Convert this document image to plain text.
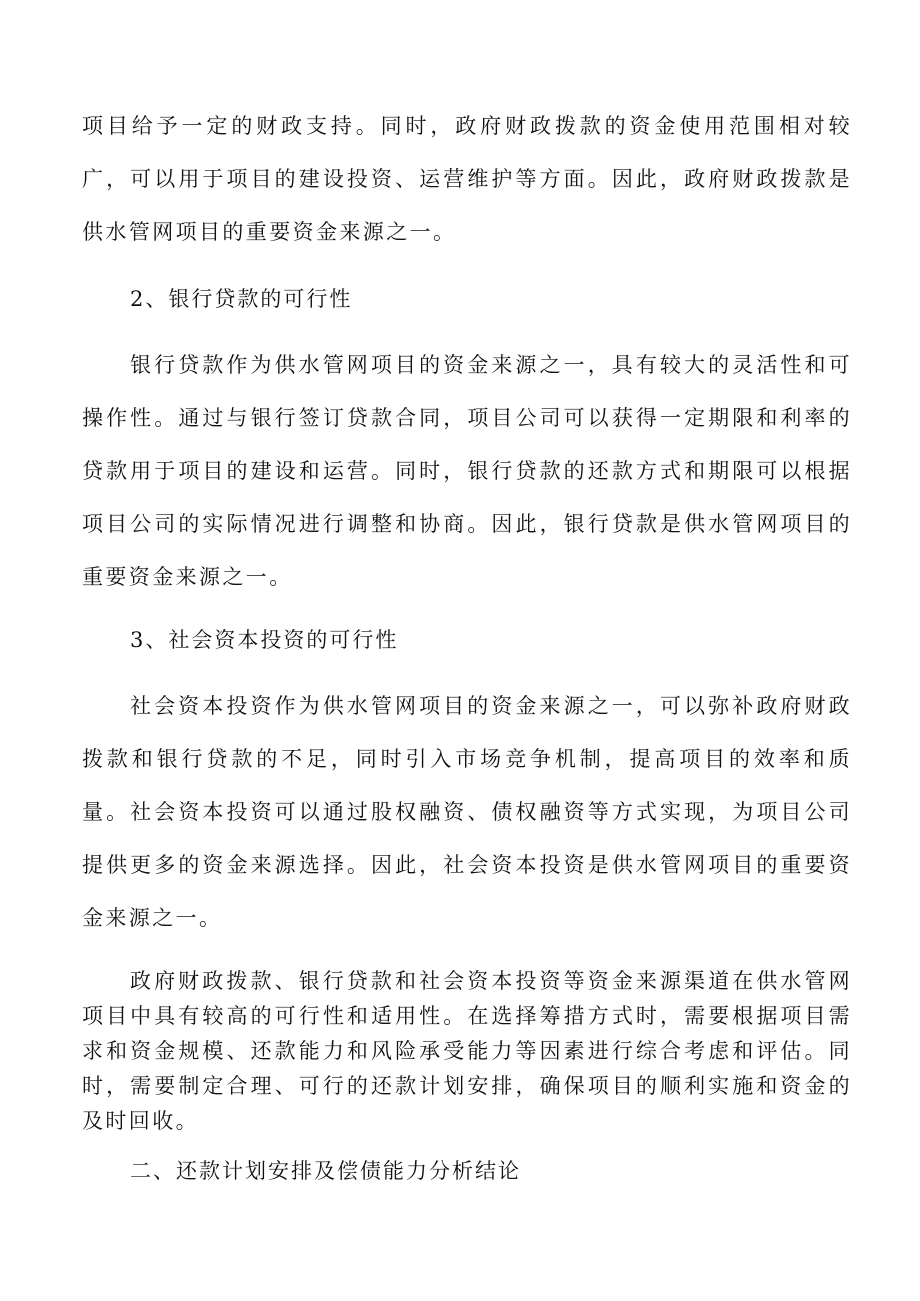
项目给予一定的财政支持。同时，政府财政拨款的资金使用范围相对较广，可以用于项目的建设投资、运营维护等方面。因此，政府财政拨款是供水管网项目的重要资金来源之一。

2、银行贷款的可行性

银行贷款作为供水管网项目的资金来源之一，具有较大的灵活性和可操作性。通过与银行签订贷款合同，项目公司可以获得一定期限和利率的贷款用于项目的建设和运营。同时，银行贷款的还款方式和期限可以根据项目公司的实际情况进行调整和协商。因此，银行贷款是供水管网项目的重要资金来源之一。

3、社会资本投资的可行性

社会资本投资作为供水管网项目的资金来源之一，可以弥补政府财政拨款和银行贷款的不足，同时引入市场竞争机制，提高项目的效率和质量。社会资本投资可以通过股权融资、债权融资等方式实现，为项目公司提供更多的资金来源选择。因此，社会资本投资是供水管网项目的重要资金来源之一。

政府财政拨款、银行贷款和社会资本投资等资金来源渠道在供水管网项目中具有较高的可行性和适用性。在选择筹措方式时，需要根据项目需求和资金规模、还款能力和风险承受能力等因素进行综合考虑和评估。同时，需要制定合理、可行的还款计划安排，确保项目的顺利实施和资金的及时回收。

二、还款计划安排及偿债能力分析结论
